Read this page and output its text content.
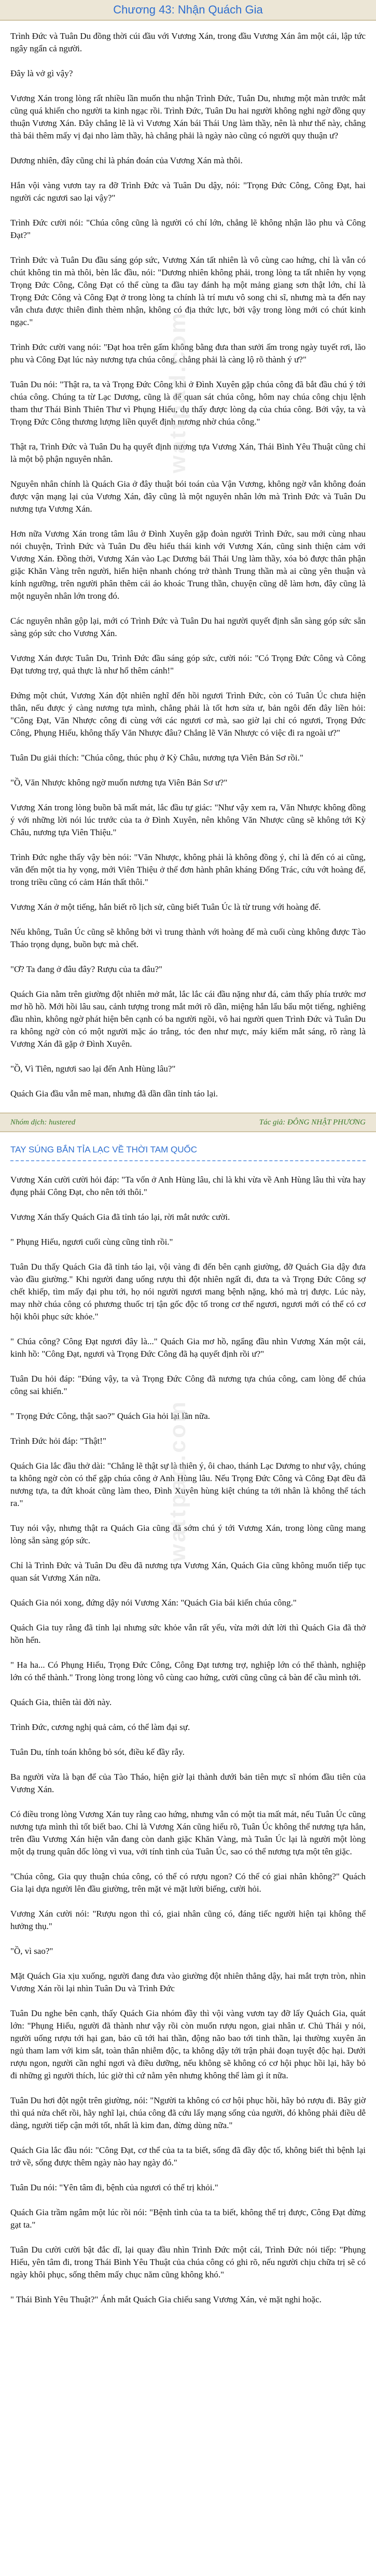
wattpad.com
wattpad.com
Chương 43: Nhận Quách Gia

Trình Đức và Tuân Du đồng thời cúi đầu với Vương Xán, trong đầu Vương Xán âm một cái, lập tức ngây ngẩn cả người.

Đây là vở gì vậy?

Vương Xán trong lòng rất nhiều lần muốn thu nhận Trình Đức, Tuân Du, nhưng một màn trước mắt cũng quá khiến cho người ta kinh ngạc rồi. Trình Đức, Tuân Du hai người không nghi ngờ đồng quy thuận Vương Xán. Đây chẳng lẽ là vì Vương Xán bái Thái Ung làm thầy, nên là như thế này, chẳng thà bái thêm mấy vị đại nho làm thầy, hà chẳng phải là ngày nào cũng có người quy thuận ư?

Dương nhiên, đây cũng chỉ là phán đoán của Vương Xán mà thôi.

Hắn vội vàng vươn tay ra đỡ Trình Đức và Tuân Du dậy, nói: "Trọng Đức Công, Công Đạt, hai người các ngươi sao lại vậy?"

Trình Đức cười nói: "Chúa công cũng là người có chí lớn, chẳng lẽ không nhận lão phu và Công Đạt?"

Trình Đức và Tuân Du đầu sáng góp sức, Vương Xán tất nhiên là vô cùng cao hứng, chỉ là vẫn có chút không tin mà thôi, bèn lắc đầu, nói: "Dương nhiên không phải, trong lòng ta tất nhiên hy vọng Trọng Đức Công, Công Đạt có thể cùng ta đầu tay đánh hạ một mảng giang sơn thật lớn, chỉ là Trọng Đức Công và Công Đạt ở trong lòng ta chính là trí mưu vô song chi sĩ, nhưng mà ta đến nay vẫn chưa được thiên đình thèm nhận, không có địa thức lực, bởi vậy trong lòng mới có chút kinh ngạc."

Trình Đức cười vang nói: "Đạt hoa trên gấm không bằng đưa than sưởi ấm trong ngày tuyết rơi, lão phu và Công Đạt lúc này nương tựa chúa công, chẳng phải là càng lộ rõ thành ý ư?"

Tuân Du nói: "Thật ra, ta và Trọng Đức Công khi ở Đình Xuyên gặp chúa công đã bắt đầu chú ý tới chúa công. Chúng ta từ Lạc Dương, cũng là để quan sát chúa công, hôm nay chúa công chịu lệnh tham thư Thái Bình Thiên Thư vì Phụng Hiếu, dụ thấy được lòng dạ của chúa công. Bởi vậy, ta và Trọng Đức Công thương lượng liền quyết định nương nhờ chúa công."

Thật ra, Trình Đức và Tuân Du hạ quyết định nương tựa Vương Xán, Thái Bình Yêu Thuật cũng chỉ là một bộ phận nguyên nhân.

Nguyên nhân chính là Quách Gia ở đây thuật bói toán của Vận Vương, không ngờ vẫn không đoán được vận mạng lại của Vương Xán, đây cũng là một nguyên nhân lớn mà Trình Đức và Tuân Du nương tựa Vương Xán.

Hơn nữa Vương Xán trong tâm lâu ở Đình Xuyên gặp đoàn người Trình Đức, sau mới cùng nhau nói chuyện, Trình Đức và Tuân Du đều hiểu thái kinh với Vương Xán, cũng sinh thiện cảm với Vương Xán. Đồng thời, Vương Xán vào Lạc Dương bái Thái Ung làm thầy, xóa bỏ được thân phận giặc Khăn Vàng trên người, hiển hiện nhanh chóng trở thành Trung thần mà ai cũng yên thuận và kính ngưỡng, trên người phân thêm cái áo khoác Trung thần, chuyện cũng dễ làm hơn, đây cũng là một nguyên nhân lớn trong đó.

Các nguyên nhân gộp lại, mới có Trình Đức và Tuân Du hai người quyết định sẵn sàng góp sức sẵn sàng góp sức cho Vương Xán.

Vương Xán được Tuân Du, Trình Đức đầu sáng góp sức, cười nói: "Có Trọng Đức Công và Công Đạt tương trợ, quả thực là như hổ thêm cánh!"

Đứng một chút, Vương Xán đột nhiên nghĩ đến hồi ngươi Trình Đức, còn có Tuân Úc chưa hiện thân, nếu được ý càng nương tựa mình, chẳng phải là tốt hơn sửa ư, bản ngôi đến đây liền hỏi: "Công Đạt, Văn Nhược công đi cùng với các ngươi cơ mà, sao giờ lại chỉ có ngươi, Trọng Đức Công, Phụng Hiếu, không thấy Văn Nhược đâu? Chẳng lẽ Văn Nhược có việc đi ra ngoài ư?"

Tuân Du giải thích: "Chúa công, thúc phụ ở Kỳ Châu, nương tựa Viên Bản Sơ rồi."

"Ồ, Văn Nhược không ngờ muốn nương tựa Viên Bản Sơ ư?"

Vương Xán trong lòng buồn bã mất mát, lắc đầu tự giác: "Như vậy xem ra, Văn Nhược không đồng ý với những lời nói lúc trước của ta ở Đình Xuyên, nên không Văn Nhược cũng sẽ không tới Kỳ Châu, nương tựa Viên Thiệu."

Trình Đức nghe thấy vậy bèn nói: "Văn Nhược, không phải là không đồng ý, chỉ là đến có ai cũng, văn đến một tia hy vọng, mới Viên Thiệu ở thế đơn hành phân kháng Đổng Trác, cứu vớt hoàng đế, trong triều cũng có cảm Hán thất thôi."

Vương Xán ở một tiếng, hắn biết rõ lịch sử, cũng biết Tuân Úc là từ trung với hoàng đế.

Nếu không, Tuân Úc cũng sẽ không bởi vì trung thành với hoàng đế mà cuối cùng không được Tào Tháo trọng dụng, buồn bực mà chết.

"Ơ? Ta đang ở đâu đây? Rượu của ta đâu?"

Quách Gia nằm trên giường đột nhiên mở mắt, lắc lắc cái đầu nặng như đá, cảm thấy phía trước mơ mơ hồ hồ. Mới hồi lâu sau, cảnh tượng trong mắt mới rõ dần, miệng hắn lẩu bẩu một tiếng, nghiêng đầu nhìn, không ngờ phát hiện bên cạnh có ba người ngồi, vô hai người quen Trình Đức và Tuân Du ra không ngờ còn có một người mặc áo trắng, tóc đen như mực, máy kiếm mắt sáng, rõ ràng là Vương Xán đã gặp ở Đình Xuyên.

"Ồ, Vì Tiên, ngươi sao lại đến Anh Hùng lâu?"

Quách Gia đầu vẫn mê man, nhưng đã dần dần tỉnh táo lại.

Nhóm dịch: hustered	Tác giả: ĐÔNG NHẬT PHƯƠNG
TAY SÚNG BẮN TỈA LẠC VỀ THỜI TAM QUỐC

Vương Xán cười cười hỏi đáp: "Ta vốn ở Anh Hùng lâu, chỉ là khi vừa về Anh Hùng lâu thì vừa hay đụng phải Công Đạt, cho nên tới thôi."

Vương Xán thấy Quách Gia đã tỉnh táo lại, rời mắt nước cười.

" Phụng Hiếu, ngươi cuối cùng cũng tỉnh rồi."

Tuân Du thấy Quách Gia đã tỉnh táo lại, vội vàng đi đến bên cạnh giường, đỡ Quách Gia dậy đưa vào đầu giường." Khi người đang uống rượu thì đột nhiên ngất đi, đưa ta và Trọng Đức Công sợ chết khiếp, tìm mấy đại phu tới, họ nói người ngươi mang bệnh nặng, khó mà trị được. Lúc này, may nhờ chúa công có phương thuốc trị tận gốc độc tố trong cơ thể ngươi, ngươi mới có thể có cơ hội khôi phục sức khỏe."

" Chúa công? Công Đạt ngươi đây là..." Quách Gia mơ hồ, ngẩng đầu nhìn Vương Xán một cái, kinh hồ: "Công Đạt, ngươi và Trọng Đức Công đã hạ quyết định rồi ư?"

Tuân Du hỏi đáp: "Đúng vậy, ta và Trọng Đức Công đã nương tựa chúa công, cam lòng để chúa công sai khiến."

" Trọng Đức Công, thật sao?" Quách Gia hỏi lại lần nữa.

Trình Đức hỏi đáp: "Thật!"

Quách Gia lắc đầu thở dài: "Chẳng lẽ thật sự là thiên ý, ôi chao, thánh Lạc Dương to như vậy, chúng ta không ngờ còn có thể gặp chúa công ở Anh Hùng lâu. Nếu Trọng Đức Công và Công Đạt đều đã nương tựa, ta đứt khoát cũng làm theo, Đình Xuyên hùng kiệt chúng ta tới nhân là không thể tách ra."

Tuy nói vậy, nhưng thật ra Quách Gia cũng đã sớm chú ý tới Vương Xán, trong lòng cũng mang lòng sẵn sàng góp sức.

Chỉ là Trình Đức và Tuân Du đều đã nương tựa Vương Xán, Quách Gia cũng không muốn tiếp tục quan sát Vương Xán nữa.

Quách Gia nói xong, đứng dậy nói Vương Xán: "Quách Gia bái kiến chúa công."

Quách Gia tuy rằng đã tỉnh lại nhưng sức khỏe vẫn rất yếu, vừa mới dứt lời thì Quách Gia đã thở hồn hển.

" Ha ha... Có Phụng Hiếu, Trọng Đức Công, Công Đạt tương trợ, nghiệp lớn có thể thành, nghiệp lớn có thể thành." Trong lòng trong lòng vô cùng cao hứng, cười cũng cũng cả bàn để cầu mình tới.

Quách Gia, thiên tài đời này.

Trình Đức, cương nghị quả cảm, có thể làm đại sự.

Tuân Du, tính toán không bỏ sót, điều kế đầy rẫy.

Ba người vừa là bạn để của Tào Tháo, hiện giờ lại thành dưới bản tiên mực sĩ nhóm đầu tiên của Vương Xán.

Có điều trong lòng Vương Xán tuy rằng cao hứng, nhưng vẫn có một tia mất mát, nếu Tuân Úc cũng nương tựa mình thì tốt biết bao. Chỉ là Vương Xán cũng hiểu rõ, Tuân Úc không thể nương tựa hắn, trên đầu Vương Xán hiện vẫn đang còn danh giặc Khăn Vàng, mà Tuân Úc lại là người một lòng một dạ trung quân dốc lòng vì vua, với tính tình của Tuân Úc, sao có thể nương tựa một tên giặc.

"Chúa công, Gia quy thuận chúa công, có thể có rượu ngon? Có thể có giai nhân không?" Quách Gia lại dựa người lên đầu giường, trên mặt vẻ mặt lười biếng, cười hỏi.

Vương Xán cười nói: "Rượu ngon thì có, giai nhân cũng có, đáng tiếc người hiện tại không thể hưởng thụ."

"Ồ, vì sao?"

Mặt Quách Gia xịu xuống, người đang đưa vào giường đột nhiên thẳng dậy, hai mắt trợn tròn, nhìn Vương Xán rồi lại nhìn Tuân Du và Trình Đức

Tuân Du nghe bên cạnh, thấy Quách Gia nhóm đầy thì vội vàng vươn tay đỡ lấy Quách Gia, quát lớn: "Phụng Hiếu, người đã thành như vậy rồi còn muốn rượu ngon, giai nhân ư. Chủ Thái y nói, người uống rượu tới hại gan, bảo cũ tới hai thần, động não bao tới tinh thần, lại thường xuyên ăn ngủ tham lam với kim sắt, toàn thân nhiễm độc, ta không dậy tới trận phải đoạn tuyệt độc hại. Dưới rượu ngon, người cần nghỉ ngơi và điều dưỡng, nếu không sẽ không có cơ hội phục hồi lại, hãy bỏ đi những gì người thích, lúc giờ thì cứ nằm yên nhưng không thể làm gì ít nữa.

Tuân Du hơi đột ngột trên giường, nói: "Người ta không có cơ hội phục hồi, hãy bỏ rượu đi. Bây giờ thì quá nửa chết rồi, hãy nghĩ lại, chúa công đã cứu lấy mạng sống của người, đó không phải điều dễ dàng, người tiếp cận mới tốt, nhất là kim đan, đừng dùng nữa."

Quách Gia lắc đầu nói: "Công Đạt, cơ thể của ta ta biết, sống đã đầy độc tố, không biết thì bệnh lại trở về, sống được thêm ngày nào hay ngày đó."

Tuân Du nói: "Yên tâm đi, bệnh của ngươi có thể trị khỏi."

Quách Gia trầm ngâm một lúc rồi nói: "Bệnh tình của ta ta biết, không thể trị được, Công Đạt đừng gạt ta."

Tuân Du cười cười bật đắc dĩ, lại quay đầu nhìn Trình Đức một cái, Trình Đức nói tiếp: "Phụng Hiếu, yên tâm đi, trong Thái Bình Yêu Thuật của chúa công có ghi rõ, nếu người chịu chữa trị sẽ có ngày khôi phục, sống thêm mấy chục năm cũng không khó."

" Thái Bình Yêu Thuật?" Ánh mắt Quách Gia chiếu sang Vương Xán, vẻ mặt nghi hoặc.
